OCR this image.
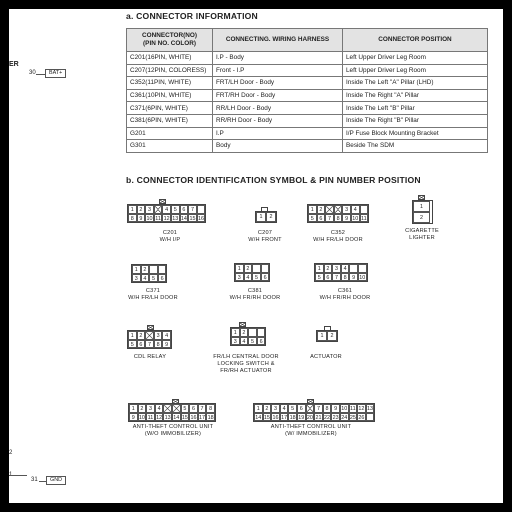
ER
30	BAT+
2
1
31	GND
a. CONNECTOR INFORMATION
CONNECTOR(NO)
(PIN NO. COLOR)	CONNECTING. WIRING HARNESS	CONNECTOR POSITION
C201(16PIN, WHITE)	I.P - Body	Left Upper Driver Leg Room
C207(12PIN, COLORESS)	Front - I.P	Left Upper Driver Leg Room
C352(11PIN, WHITE)	FRT/LH Door - Body	Inside The Left "A" Pillar (LHD)
C361(10PIN, WHITE)	FRT/RH Door - Body	Inside The Right "A" Pillar
C371(6PIN, WHITE)	RR/LH Door - Body	Inside The Left "B" Pillar
C381(6PIN, WHITE)	RR/RH Door - Body	Inside The Right "B" Pillar
G201	I.P	I/P Fuse Block Mounting Bracket
G301	Body	Beside The SDM
b. CONNECTOR IDENTIFICATION SYMBOL & PIN NUMBER POSITION
1	2	3	4	5	6	7
8	9 10 11 12 13 14 15 16
C201
W/H I/P
1	2
C207
W/H FRONT
1	2	3	4
5	6	7	8	9 10 11
C352
W/H FR/LH DOOR
1
2
CIGARETTE
LIGHTER
1	2
3	4	5	6
C371
W/H FR/LH DOOR
1	2
3	4	5	6
C381
W/H FR/RH DOOR
1	2	3	4
5	6	7	8	9 10
C361
W/H FR/RH DOOR
1	2	3	4
5	6	7	8	9
CDL RELAY
1	2
3	4	5	6
FR/LH CENTRAL DOOR
LOCKING SWITCH &
FR/RH ACTUATOR
1	2
ACTUATOR
1	2	3	4	5	6	7	8
9 10 11 12 13 14 15 16 17 18
ANTI-THEFT CONTROL UNIT
(W/O IMMOBILIZER)
1	2	3	4	5	6	7	8	9 10 11 12 13
14 15 16 17 18 19 20 21 22 23 24 25 26
ANTI-THEFT CONTROL UNIT
(W/ IMMOBILIZER)
